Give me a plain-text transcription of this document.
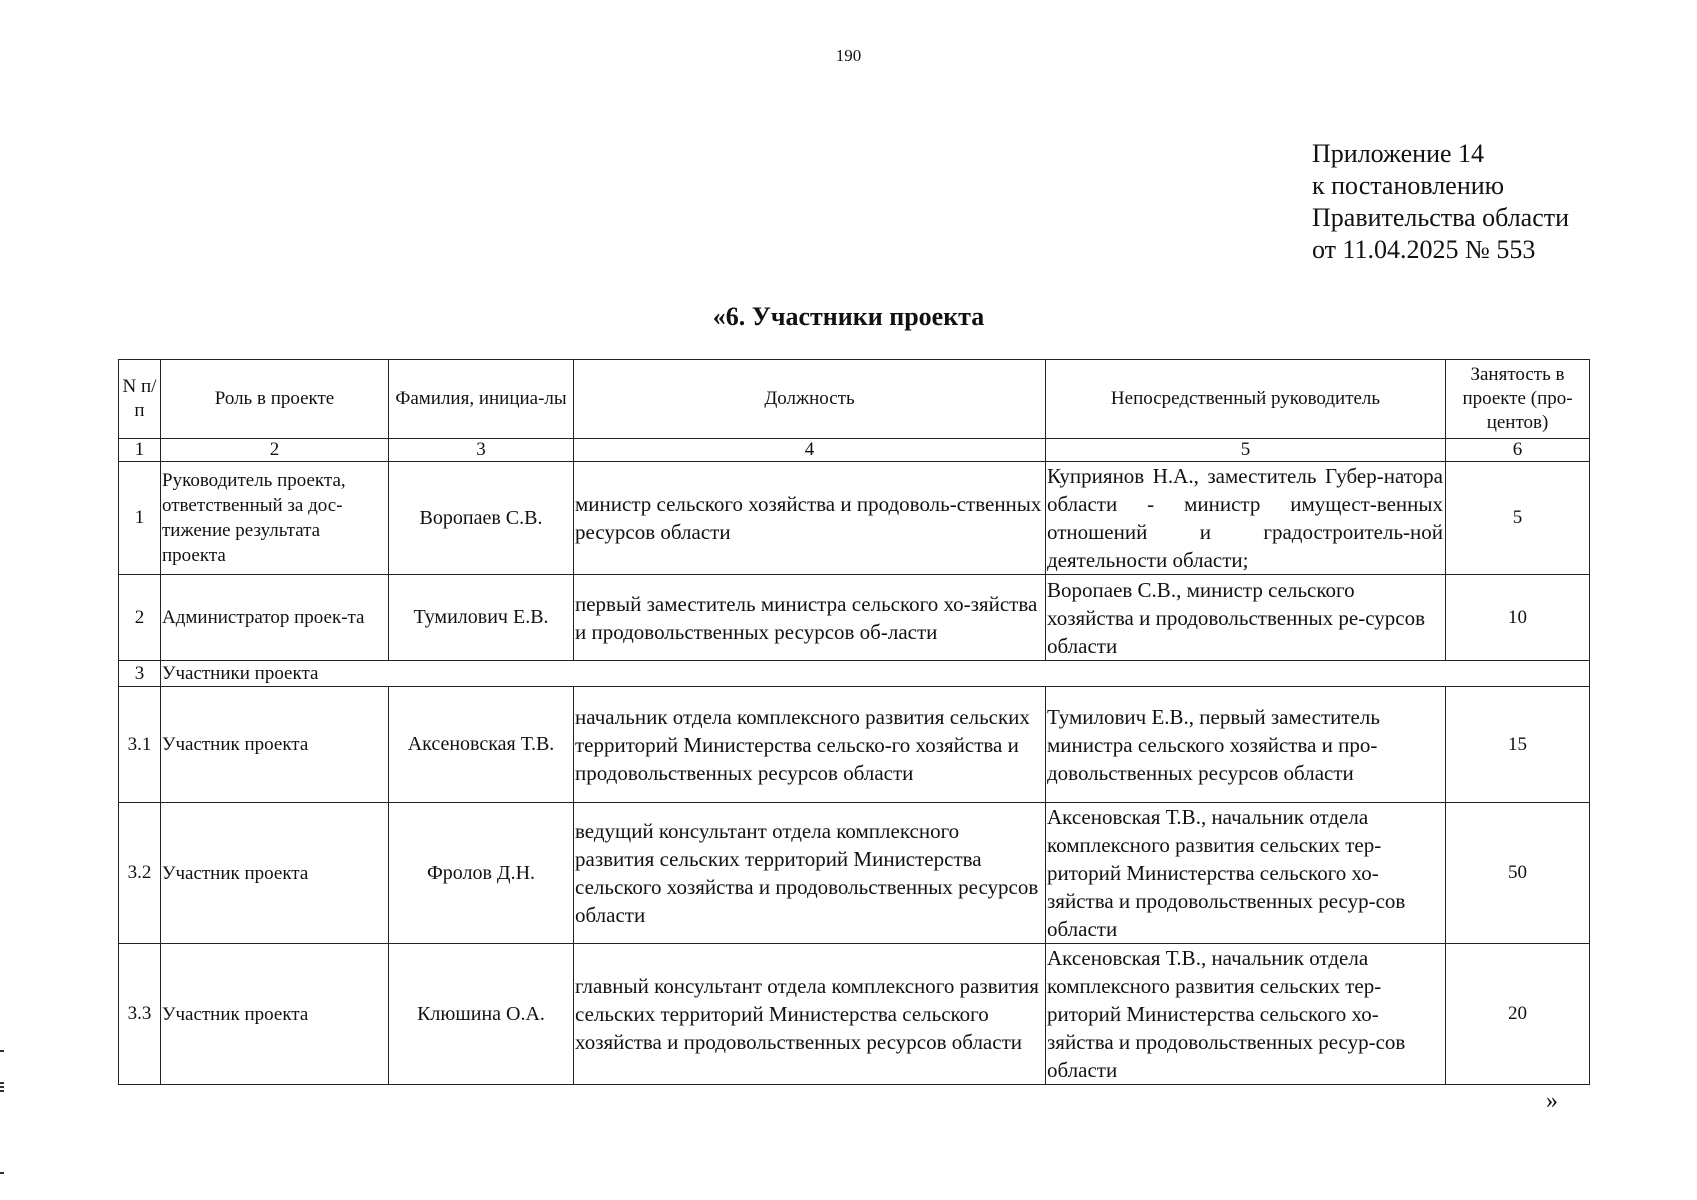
190
Приложение 14
к постановлению
Правительства области
от 11.04.2025 № 553
«6. Участники проекта
N п/п	Роль в проекте	Фамилия, инициа-лы	Должность	Непосредственный руководитель	Занятость в проекте (про-центов)
1	2	3	4	5	6
1	Руководитель проекта, ответственный за дос-тижение результата проекта	Воропаев С.В.	министр сельского хозяйства и продоволь-ственных ресурсов области	Куприянов Н.А., заместитель Губер-натора области - министр имущест-венных отношений и градостроитель-ной деятельности области;	5
2	Администратор проек-та	Тумилович Е.В.	первый заместитель министра сельского хо-зяйства и продовольственных ресурсов об-ласти	Воропаев С.В., министр сельского хозяйства и продовольственных ре-сурсов области	10
3	Участники проекта				
3.1	Участник проекта	Аксеновская Т.В.	начальник отдела комплексного развития сельских территорий Министерства сельско-го хозяйства и продовольственных ресурсов области	Тумилович Е.В., первый заместитель министра сельского хозяйства и про-довольственных ресурсов области	15
3.2	Участник проекта	Фролов Д.Н.	ведущий консультант отдела комплексного развития сельских территорий Министерства сельского хозяйства и продовольственных ресурсов области	Аксеновская Т.В., начальник отдела комплексного развития сельских тер-риторий Министерства сельского хо-зяйства и продовольственных ресур-сов области	50
3.3	Участник проекта	Клюшина О.А.	главный консультант отдела комплексного развития сельских территорий Министерства сельского хозяйства и продовольственных ресурсов области	Аксеновская Т.В., начальник отдела комплексного развития сельских тер-риторий Министерства сельского хо-зяйства и продовольственных ресур-сов области	20
»
